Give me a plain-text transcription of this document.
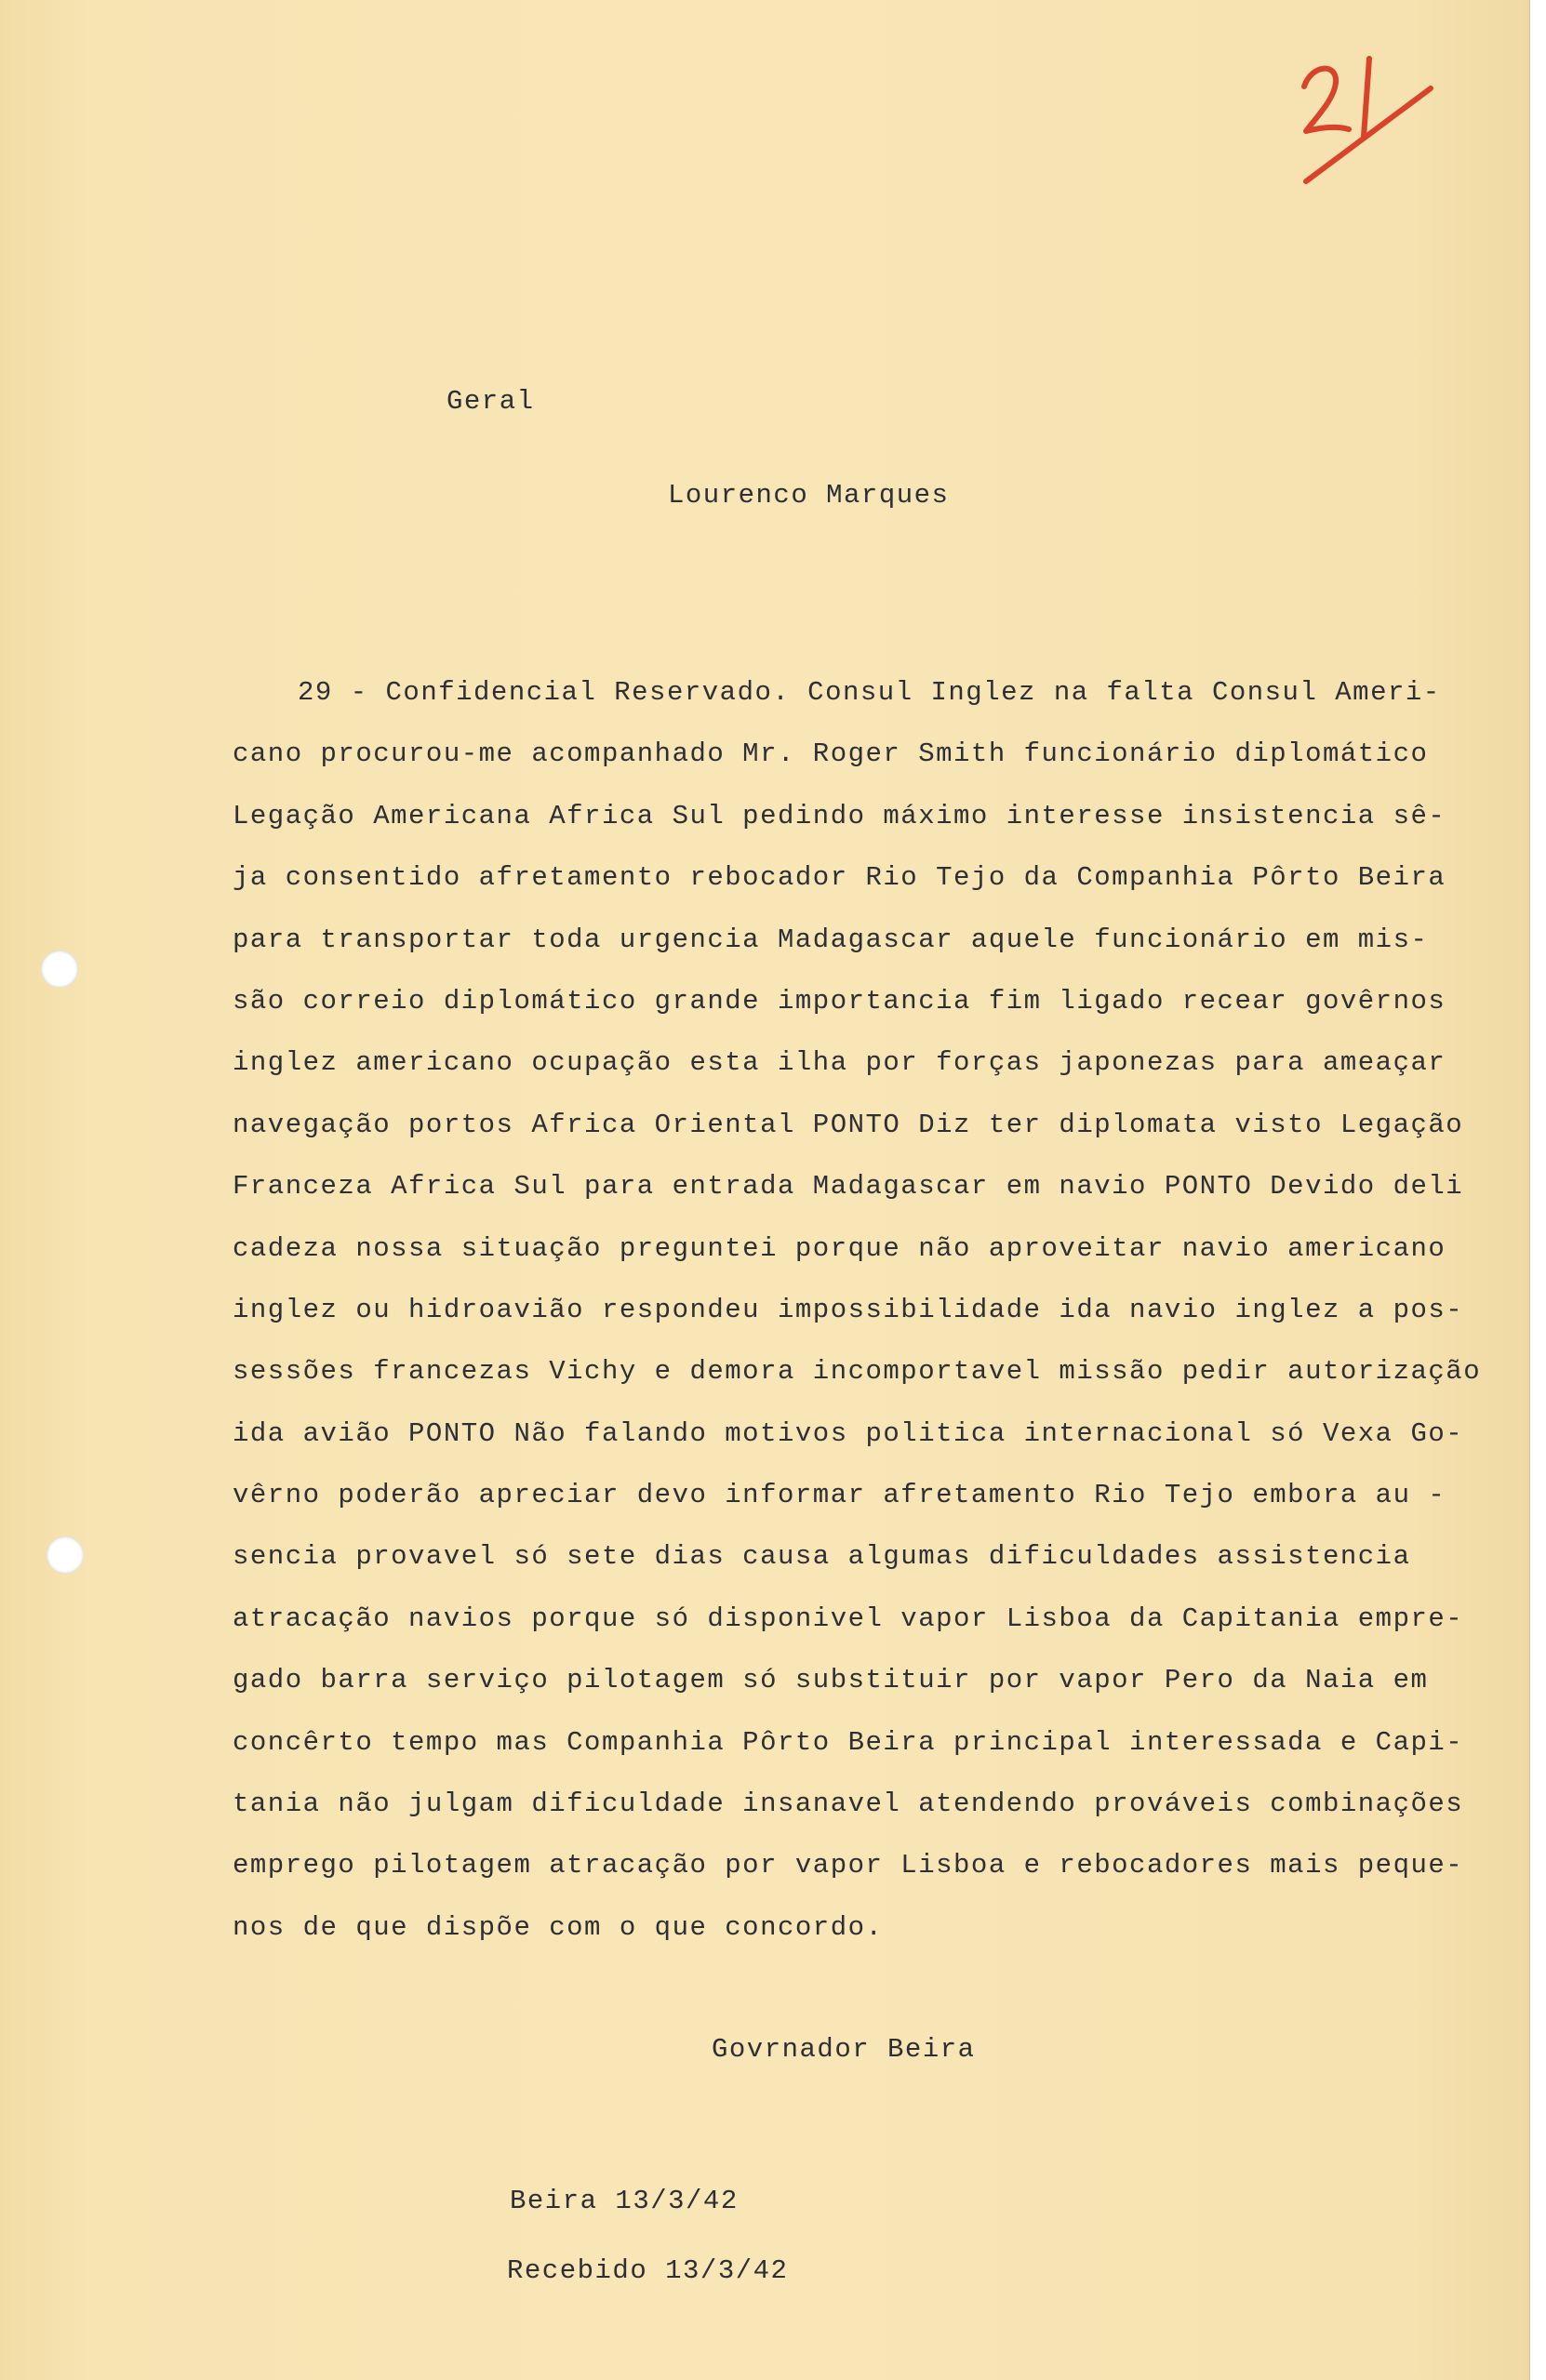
Geral
Lourenco Marques
29 - Confidencial Reservado. Consul Inglez na falta Consul Ameri-
cano procurou-me acompanhado Mr. Roger Smith funcionário diplomático
Legação Americana Africa Sul pedindo máximo interesse insistencia sê-
ja consentido afretamento rebocador Rio Tejo da Companhia Pôrto Beira
para transportar toda urgencia Madagascar aquele funcionário em mis-
são correio diplomático grande importancia fim ligado recear govêrnos
inglez americano ocupação esta ilha por forças japonezas para ameaçar
navegação portos Africa Oriental PONTO Diz ter diplomata visto Legação
Franceza Africa Sul para entrada Madagascar em navio PONTO Devido deli
cadeza nossa situação preguntei porque não aproveitar navio americano
inglez ou hidroavião respondeu impossibilidade ida navio inglez a pos-
sessões francezas Vichy e demora incomportavel missão pedir autorização
ida avião PONTO Não falando motivos politica internacional só Vexa Go-
vêrno poderão apreciar devo informar afretamento Rio Tejo embora au -
sencia provavel só sete dias causa algumas dificuldades assistencia
atracação navios porque só disponivel vapor Lisboa da Capitania empre-
gado barra serviço pilotagem só substituir por vapor Pero da Naia em
concêrto tempo mas Companhia Pôrto Beira principal interessada e Capi-
tania não julgam dificuldade insanavel atendendo prováveis combinações
emprego pilotagem atracação por vapor Lisboa e rebocadores mais peque-
nos de que dispõe com o que concordo.
Govrnador Beira
Beira 13/3/42
Recebido 13/3/42
